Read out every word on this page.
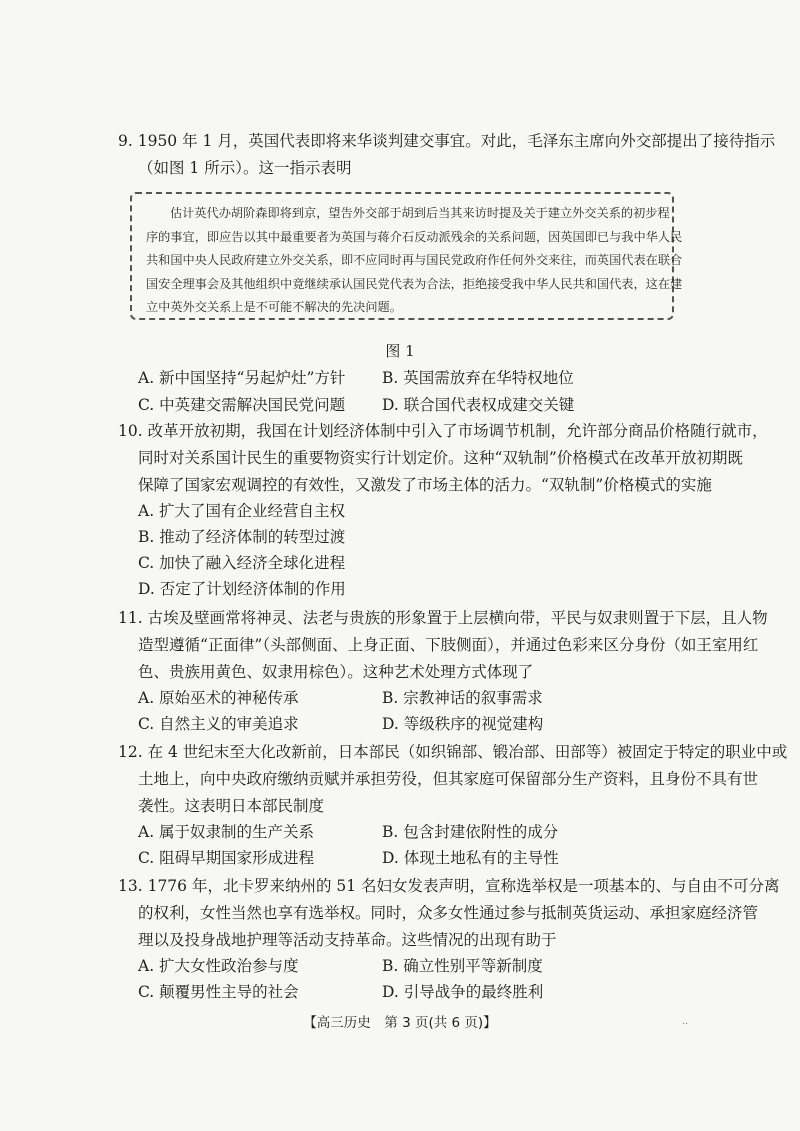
9. 1950 年 1 月，英国代表即将来华谈判建交事宜。对此，毛泽东主席向外交部提出了接待指示
（如图 1 所示）。这一指示表明
估计英代办胡阶森即将到京，望告外交部于胡到后当其来访时提及关于建立外交关系的初步程
序的事宜，即应告以其中最重要者为英国与蒋介石反动派残余的关系问题，因英国即已与我中华人民
共和国中央人民政府建立外交关系，即不应同时再与国民党政府作任何外交来往，而英国代表在联合
国安全理事会及其他组织中竟继续承认国民党代表为合法，拒绝接受我中华人民共和国代表，这在建
立中英外交关系上是不可能不解决的先决问题。
图 1
A. 新中国坚持“另起炉灶”方针 B. 英国需放弃在华特权地位
C. 中英建交需解决国民党问题 D. 联合国代表权成建交关键
10. 改革开放初期，我国在计划经济体制中引入了市场调节机制，允许部分商品价格随行就市，
同时对关系国计民生的重要物资实行计划定价。这种“双轨制”价格模式在改革开放初期既
保障了国家宏观调控的有效性，又激发了市场主体的活力。“双轨制”价格模式的实施
A. 扩大了国有企业经营自主权
B. 推动了经济体制的转型过渡
C. 加快了融入经济全球化进程
D. 否定了计划经济体制的作用
11. 古埃及壁画常将神灵、法老与贵族的形象置于上层横向带，平民与奴隶则置于下层，且人物
造型遵循“正面律”（头部侧面、上身正面、下肢侧面），并通过色彩来区分身份（如王室用红
色、贵族用黄色、奴隶用棕色）。这种艺术处理方式体现了
A. 原始巫术的神秘传承	B. 宗教神话的叙事需求
C. 自然主义的审美追求	D. 等级秩序的视觉建构
12. 在 4 世纪末至大化改新前，日本部民（如织锦部、锻冶部、田部等）被固定于特定的职业中或
土地上，向中央政府缴纳贡赋并承担劳役，但其家庭可保留部分生产资料，且身份不具有世
袭性。这表明日本部民制度
A. 属于奴隶制的生产关系	B. 包含封建依附性的成分
C. 阻碍早期国家形成进程	D. 体现土地私有的主导性
13. 1776 年，北卡罗来纳州的 51 名妇女发表声明，宣称选举权是一项基本的、与自由不可分离
的权利，女性当然也享有选举权。同时，众多女性通过参与抵制英货运动、承担家庭经济管
理以及投身战地护理等活动支持革命。这些情况的出现有助于
A. 扩大女性政治参与度	B. 确立性别平等新制度
C. 颠覆男性主导的社会	D. 引导战争的最终胜利
【高三历史　第 3 页(共 6 页)】	..
